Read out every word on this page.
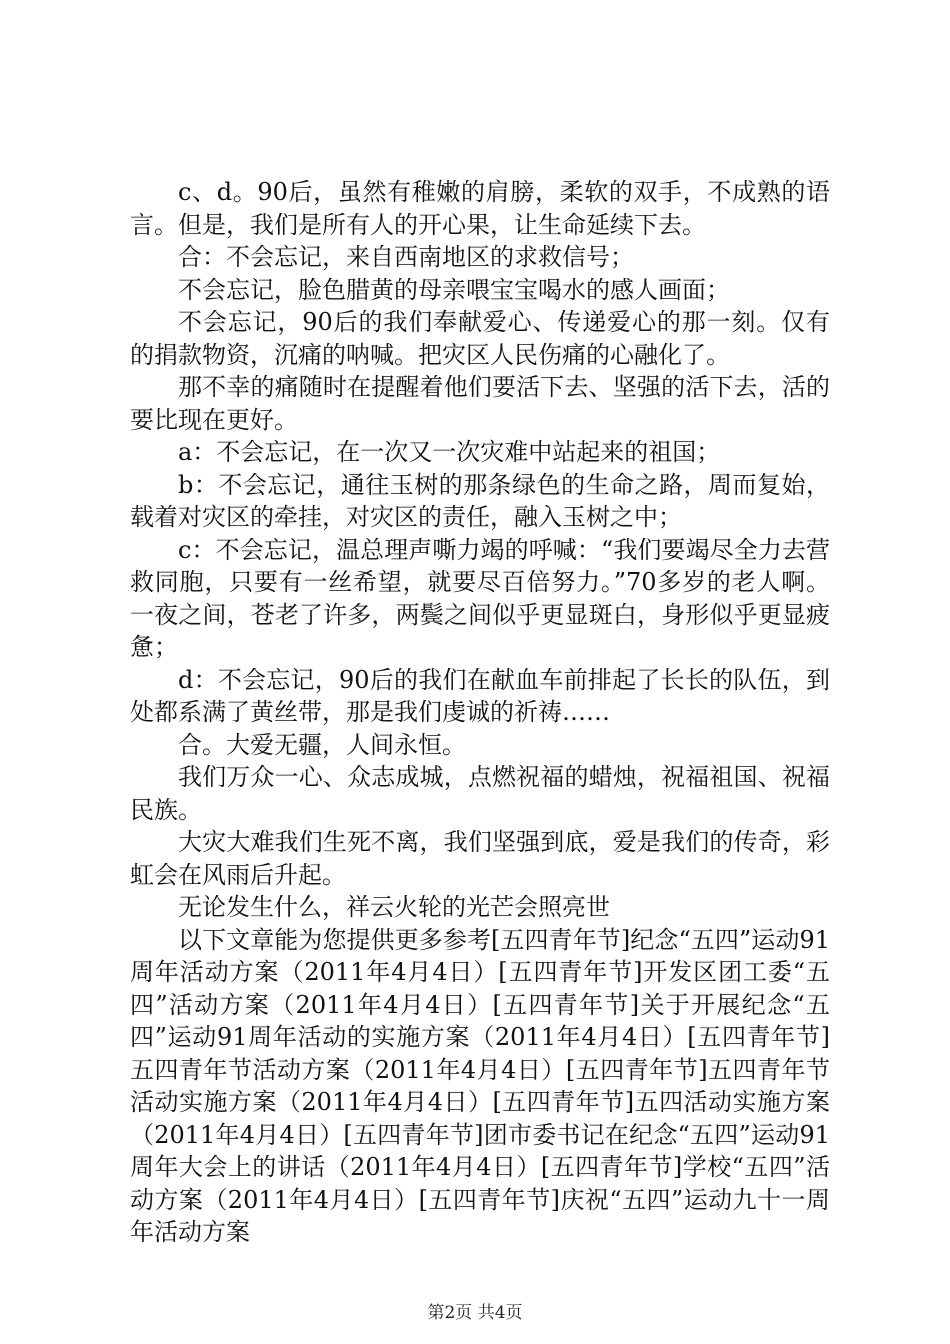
c、d。90后，虽然有稚嫩的肩膀，柔软的双手，不成熟的语言。但是，我们是所有人的开心果，让生命延续下去。

合：不会忘记，来自西南地区的求救信号；

不会忘记，脸色腊黄的母亲喂宝宝喝水的感人画面；

不会忘记，90后的我们奉献爱心、传递爱心的那一刻。仅有的捐款物资，沉痛的呐喊。把灾区人民伤痛的心融化了。

那不幸的痛随时在提醒着他们要活下去、坚强的活下去，活的要比现在更好。

a：不会忘记，在一次又一次灾难中站起来的祖国；

b：不会忘记，通往玉树的那条绿色的生命之路，周而复始，载着对灾区的牵挂，对灾区的责任，融入玉树之中；

c：不会忘记，温总理声嘶力竭的呼喊：“我们要竭尽全力去营救同胞，只要有一丝希望，就要尽百倍努力。”70多岁的老人啊。一夜之间，苍老了许多，两鬓之间似乎更显斑白，身形似乎更显疲惫；

d：不会忘记，90后的我们在献血车前排起了长长的队伍，到处都系满了黄丝带，那是我们虔诚的祈祷……

合。大爱无疆，人间永恒。

我们万众一心、众志成城，点燃祝福的蜡烛，祝福祖国、祝福民族。

大灾大难我们生死不离，我们坚强到底，爱是我们的传奇，彩虹会在风雨后升起。

无论发生什么，祥云火轮的光芒会照亮世

以下文章能为您提供更多参考[五四青年节]纪念“五四”运动91周年活动方案（2011年4月4日）[五四青年节]开发区团工委“五四”活动方案（2011年4月4日）[五四青年节]关于开展纪念“五四”运动91周年活动的实施方案（2011年4月4日）[五四青年节]五四青年节活动方案（2011年4月4日）[五四青年节]五四青年节活动实施方案（2011年4月4日）[五四青年节]五四活动实施方案（2011年4月4日）[五四青年节]团市委书记在纪念“五四”运动91周年大会上的讲话（2011年4月4日）[五四青年节]学校“五四”活动方案（2011年4月4日）[五四青年节]庆祝“五四”运动九十一周年活动方案

第2页 共4页
